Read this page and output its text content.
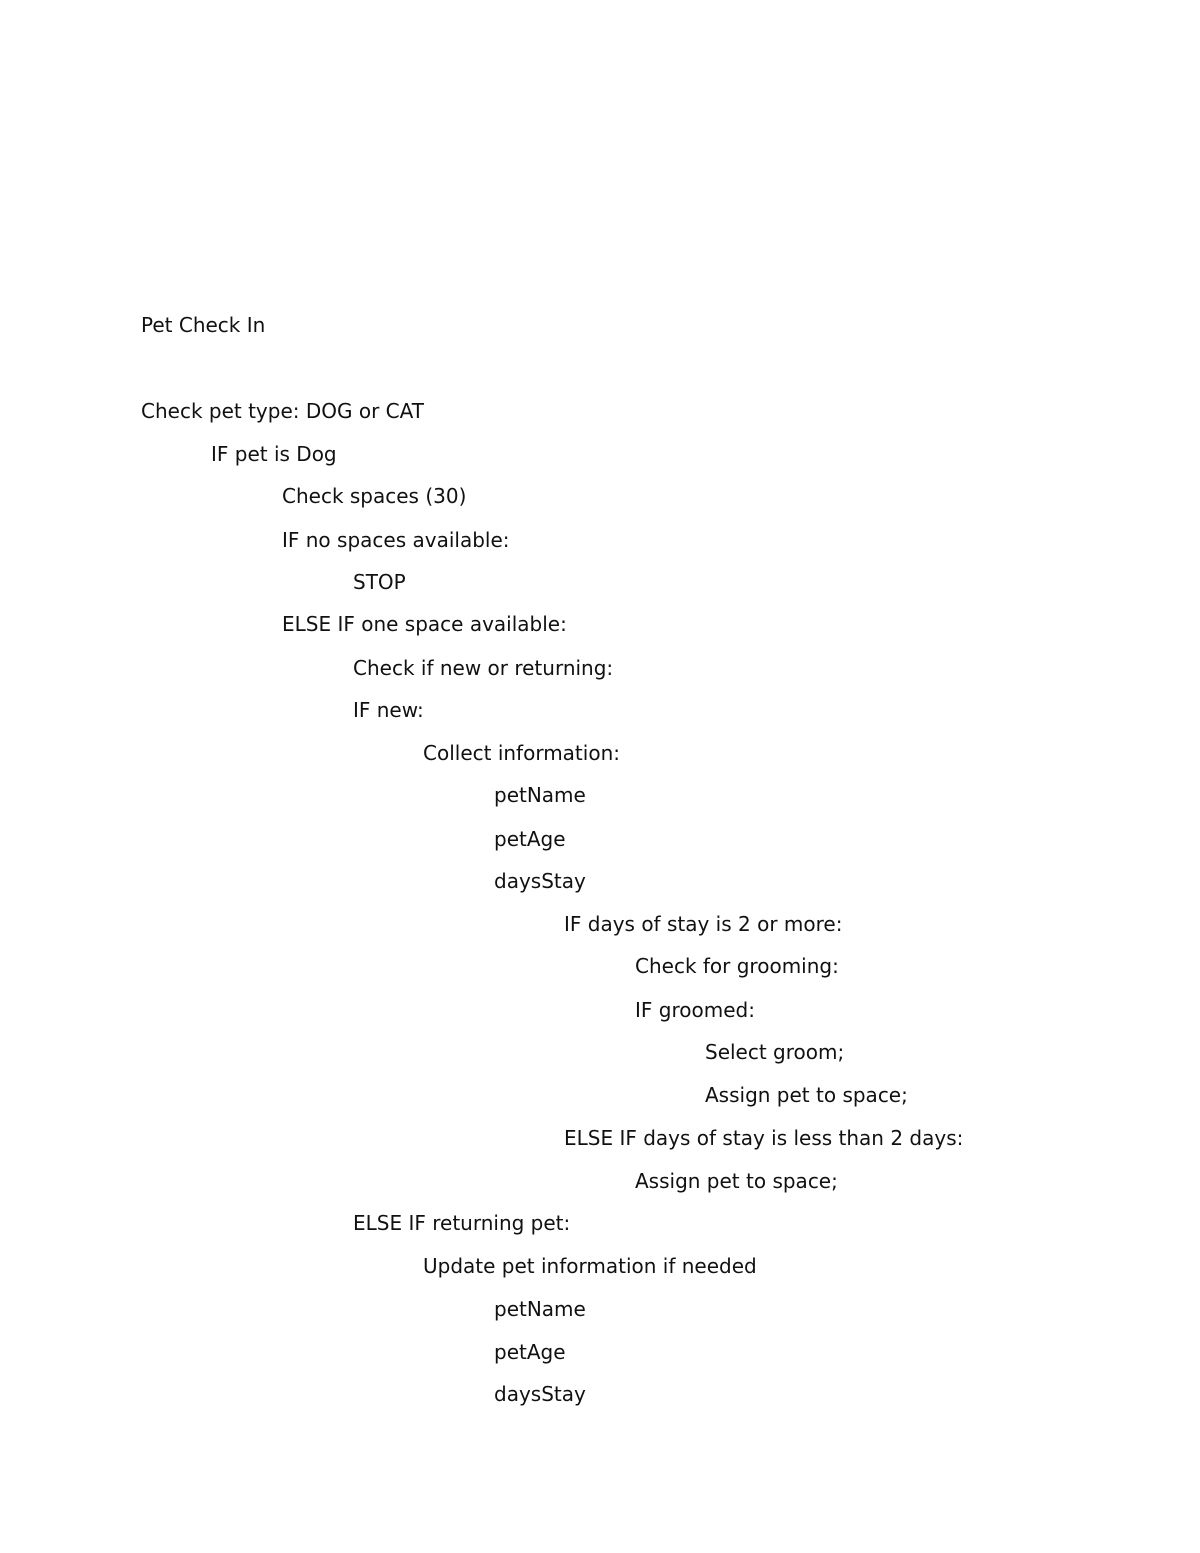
Pet Check In
Check pet type: DOG or CAT
IF pet is Dog
Check spaces (30)
IF no spaces available:
STOP
ELSE IF one space available:
Check if new or returning:
IF new:
Collect information:
petName
petAge
daysStay
IF days of stay is 2 or more:
Check for grooming:
IF groomed:
Select groom;
Assign pet to space;
ELSE IF days of stay is less than 2 days:
Assign pet to space;
ELSE IF returning pet:
Update pet information if needed
petName
petAge
daysStay
